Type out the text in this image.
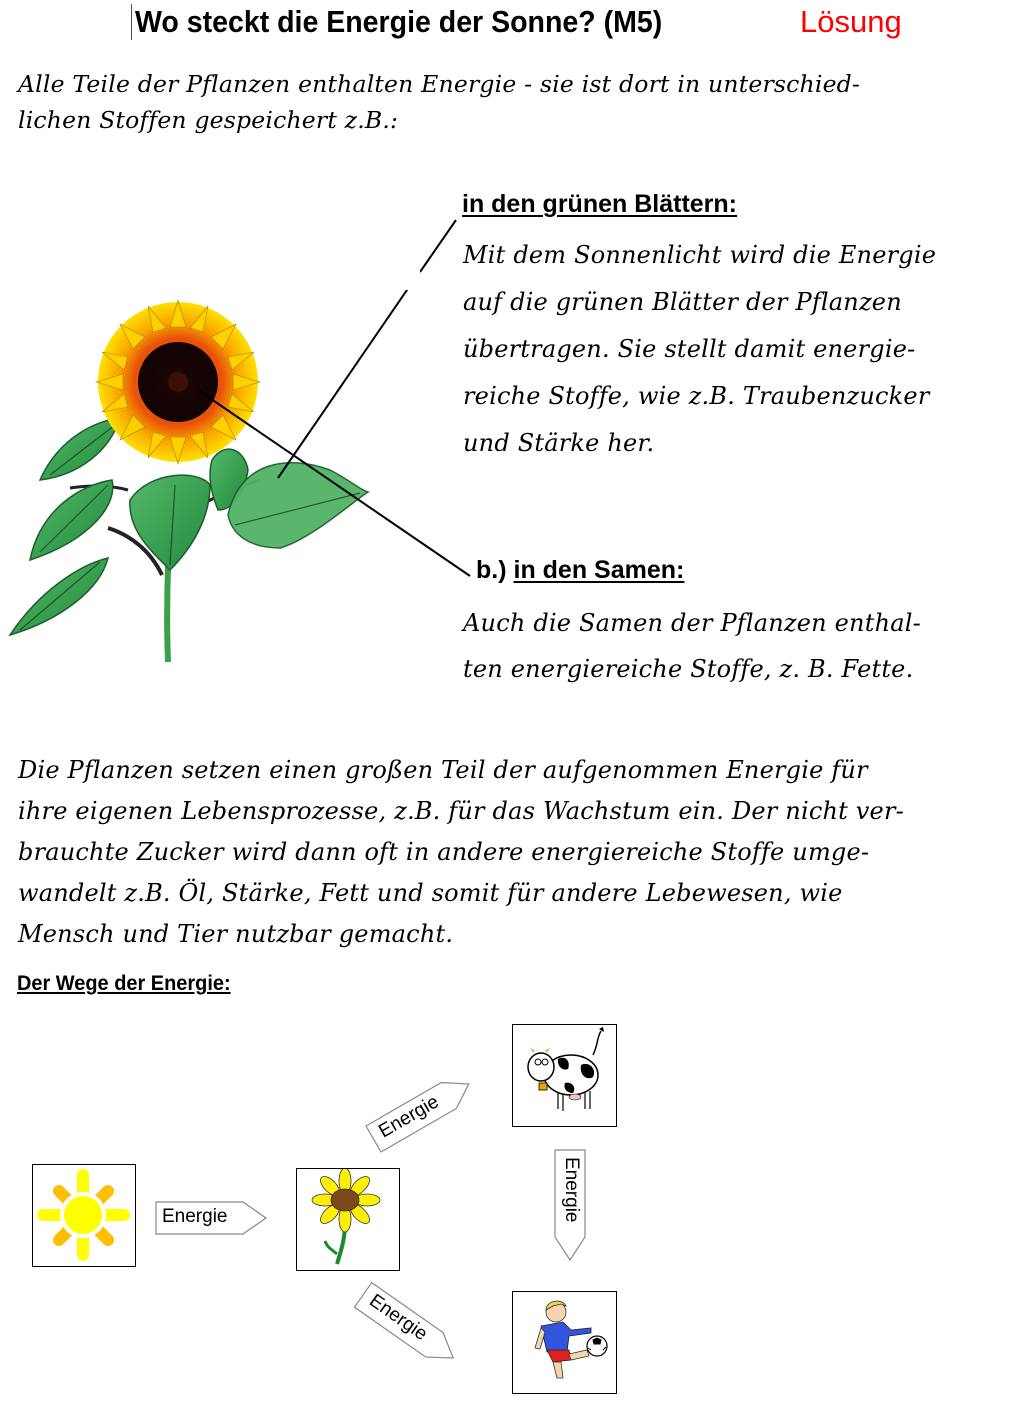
Wo steckt die Energie der Sonne? (M5)	Lösung
Alle Teile der Pflanzen enthalten Energie - sie ist dort in unterschied-
lichen Stoffen gespeichert z.B.:
in den grünen Blättern:
Mit dem Sonnenlicht wird die Energie
auf die grünen Blätter der Pflanzen
übertragen. Sie stellt damit energie-
reiche Stoffe, wie z.B. Traubenzucker
und Stärke her.
b.) in den Samen:
Auch die Samen der Pflanzen enthal-
ten energiereiche Stoffe, z. B. Fette.
Die Pflanzen setzen einen großen Teil der aufgenommen Energie für
ihre eigenen Lebensprozesse, z.B. für das Wachstum ein. Der nicht ver-
brauchte Zucker wird dann oft in andere energiereiche Stoffe umge-
wandelt z.B. Öl, Stärke, Fett und somit für andere Lebewesen, wie
Mensch und Tier nutzbar gemacht.
Der Wege der Energie:
Energie
Energie
Energie
Energie
